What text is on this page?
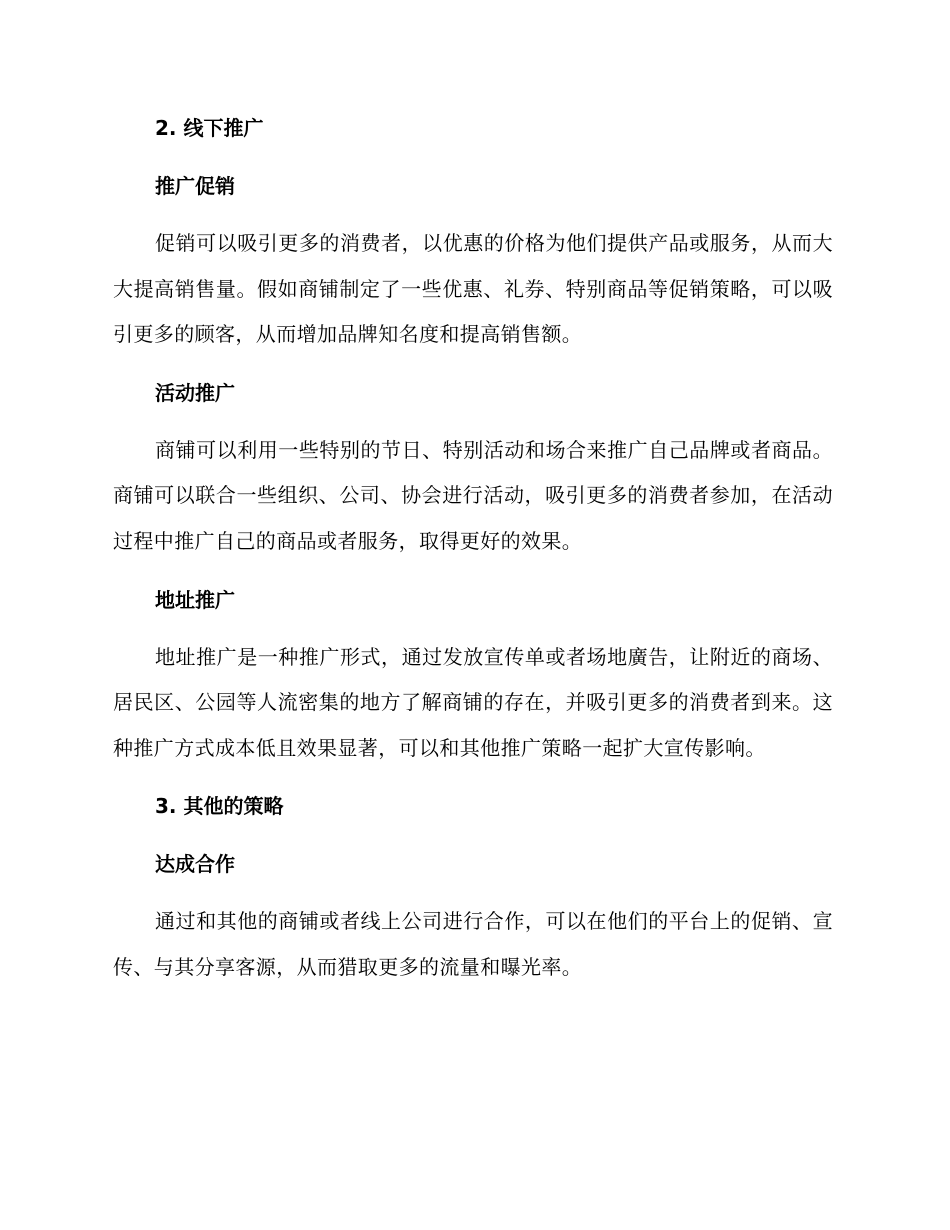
2. 线下推广
推广促销

促销可以吸引更多的消费者，以优惠的价格为他们提供产品或服务，从而大大提高销售量。假如商铺制定了一些优惠、礼券、特别商品等促销策略，可以吸引更多的顾客，从而增加品牌知名度和提高销售额。

活动推广

商铺可以利用一些特别的节日、特别活动和场合来推广自己品牌或者商品。商铺可以联合一些组织、公司、协会进行活动，吸引更多的消费者参加，在活动过程中推广自己的商品或者服务，取得更好的效果。

地址推广

地址推广是一种推广形式，通过发放宣传单或者场地廣告，让附近的商场、居民区、公园等人流密集的地方了解商铺的存在，并吸引更多的消费者到来。这种推广方式成本低且效果显著，可以和其他推广策略一起扩大宣传影响。

3. 其他的策略
达成合作

通过和其他的商铺或者线上公司进行合作，可以在他们的平台上的促销、宣传、与其分享客源，从而猎取更多的流量和曝光率。
